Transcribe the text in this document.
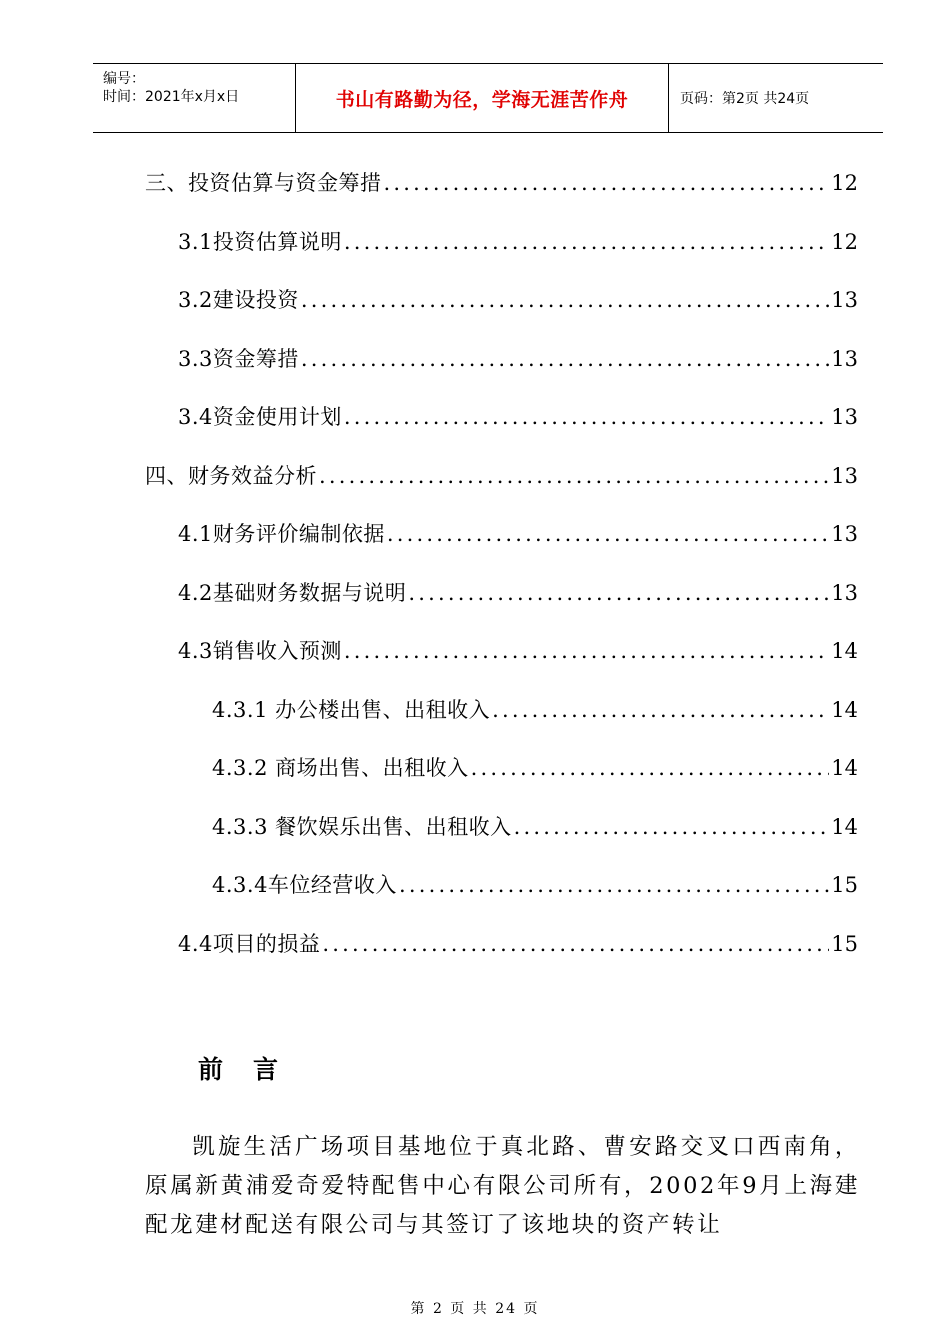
编号：
时间：2021年x月x日	书山有路勤为径，学海无涯苦作舟	页码：第2页 共24页
三、投资估算与资金筹措 .....	12
3.1投资估算说明 .....	12
3.2建设投资 .....	13
3.3资金筹措 .....	13
3.4资金使用计划 .....	13
四、财务效益分析 .....	13
4.1财务评价编制依据 .....	13
4.2基础财务数据与说明 .....	13
4.3销售收入预测 .....	14
4.3.1 办公楼出售、出租收入 .....	14
4.3.2 商场出售、出租收入 .....	14
4.3.3 餐饮娱乐出售、出租收入 .....	14
4.3.4车位经营收入 .....	15
4.4项目的损益 .....	15
前言

凯旋生活广场项目基地位于真北路、曹安路交叉口西南角，原属新黄浦爱奇爱特配售中心有限公司所有，2002年9月上海建配龙建材配送有限公司与其签订了该地块的资产转让

第 2 页 共 24 页
